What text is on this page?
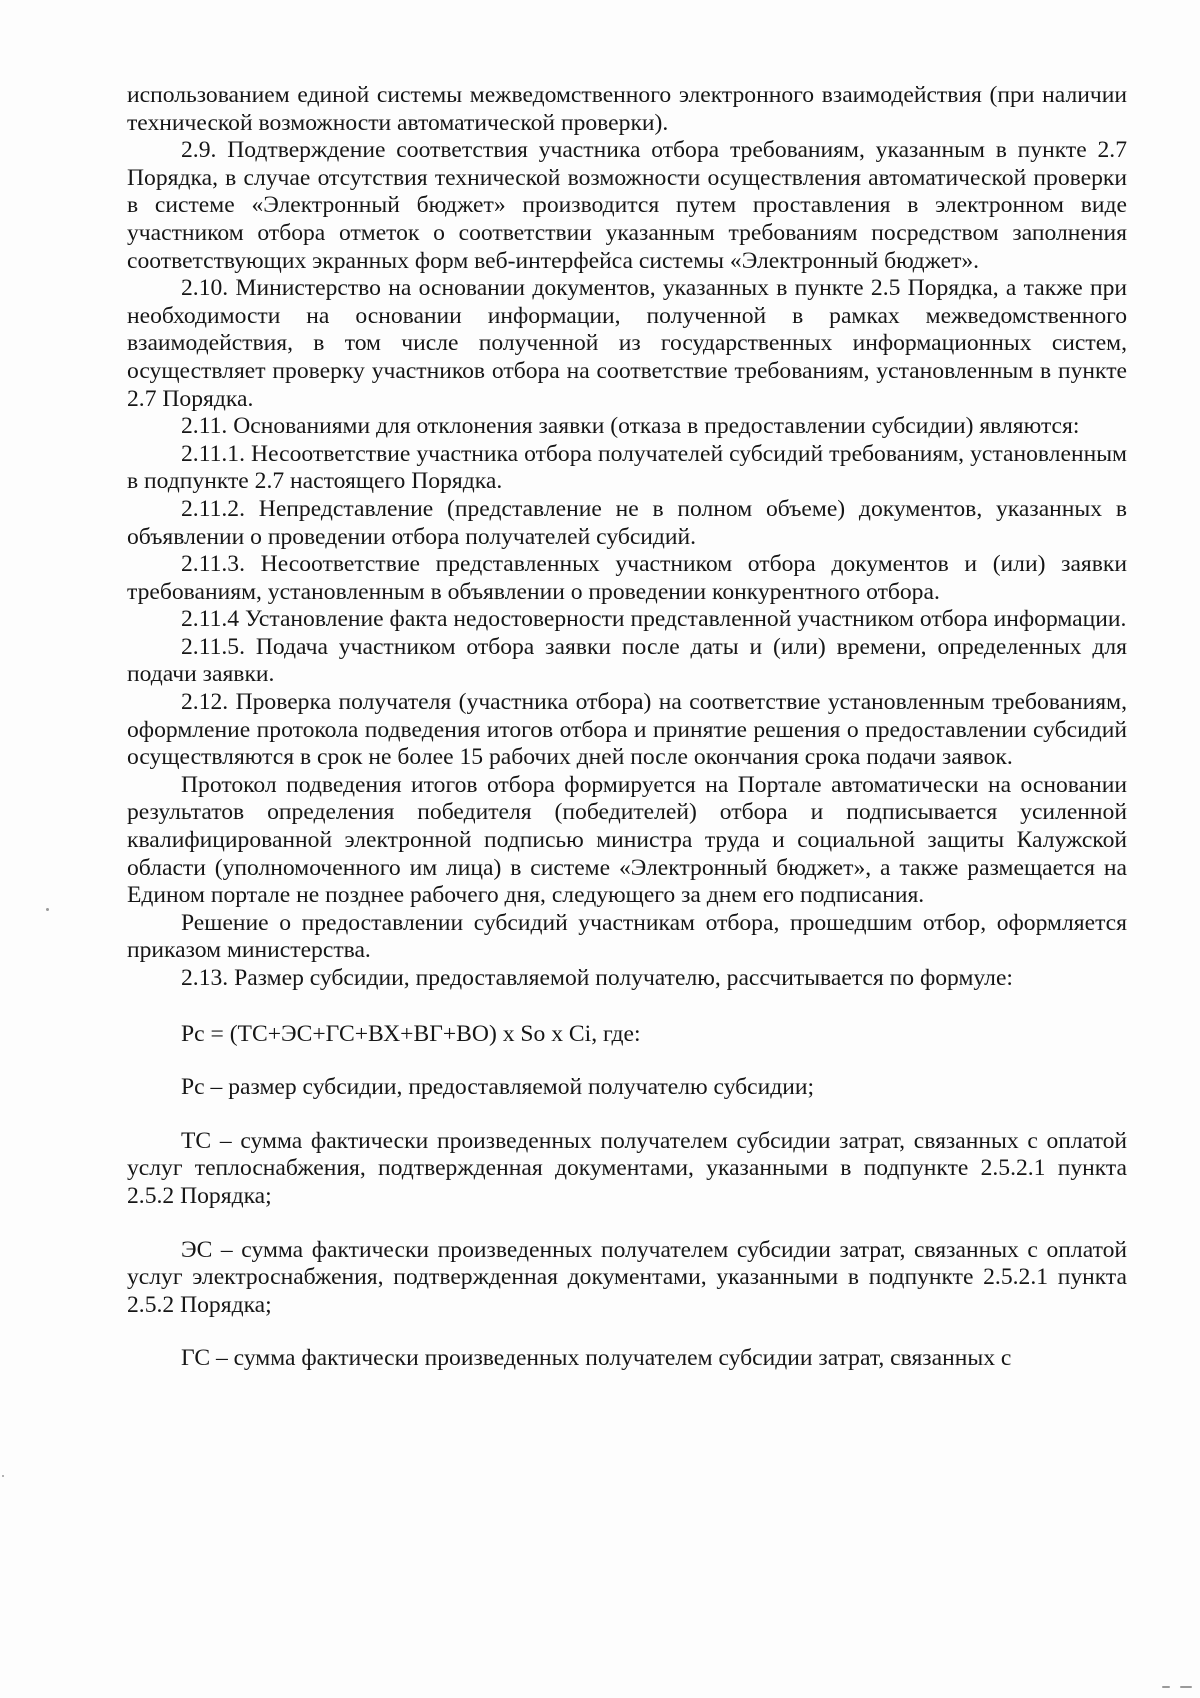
использованием единой системы межведомственного электронного взаимодействия (при наличии технической возможности автоматической проверки).

2.9. Подтверждение соответствия участника отбора требованиям, указанным в пункте 2.7 Порядка, в случае отсутствия технической возможности осуществления автоматической проверки в системе «Электронный бюджет» производится путем проставления в электронном виде участником отбора отметок о соответствии указанным требованиям посредством заполнения соответствующих экранных форм веб-интерфейса системы «Электронный бюджет».

2.10. Министерство на основании документов, указанных в пункте 2.5 Порядка, а также при необходимости на основании информации, полученной в рамках межведомственного взаимодействия, в том числе полученной из государственных информационных систем, осуществляет проверку участников отбора на соответствие требованиям, установленным в пункте 2.7 Порядка.

2.11. Основаниями для отклонения заявки (отказа в предоставлении субсидии) являются:

2.11.1. Несоответствие участника отбора получателей субсидий требованиям, установленным в подпункте 2.7 настоящего Порядка.

2.11.2. Непредставление (представление не в полном объеме) документов, указанных в объявлении о проведении отбора получателей субсидий.

2.11.3. Несоответствие представленных участником отбора документов и (или) заявки требованиям, установленным в объявлении о проведении конкурентного отбора.

2.11.4 Установление факта недостоверности представленной участником отбора информации.

2.11.5. Подача участником отбора заявки после даты и (или) времени, определенных для подачи заявки.

2.12. Проверка получателя (участника отбора) на соответствие установленным требованиям, оформление протокола подведения итогов отбора и принятие решения о предоставлении субсидий осуществляются в срок не более 15 рабочих дней после окончания срока подачи заявок.

Протокол подведения итогов отбора формируется на Портале автоматически на основании результатов определения победителя (победителей) отбора и подписывается усиленной квалифицированной электронной подписью министра труда и социальной защиты Калужской области (уполномоченного им лица) в системе «Электронный бюджет», а также размещается на Едином портале не позднее рабочего дня, следующего за днем его подписания.

Решение о предоставлении субсидий участникам отбора, прошедшим отбор, оформляется приказом министерства.

2.13. Размер субсидии, предоставляемой получателю, рассчитывается по формуле:

Рс = (ТС+ЭС+ГС+ВХ+ВГ+ВО) x So x Ci, где:

Рс – размер субсидии, предоставляемой получателю субсидии;

ТС – сумма фактически произведенных получателем субсидии затрат, связанных с оплатой услуг теплоснабжения, подтвержденная документами, указанными в подпункте 2.5.2.1 пункта 2.5.2 Порядка;

ЭС – сумма фактически произведенных получателем субсидии затрат, связанных с оплатой услуг электроснабжения, подтвержденная документами, указанными в подпункте 2.5.2.1 пункта 2.5.2 Порядка;

ГС – сумма фактически произведенных получателем субсидии затрат, связанных с
